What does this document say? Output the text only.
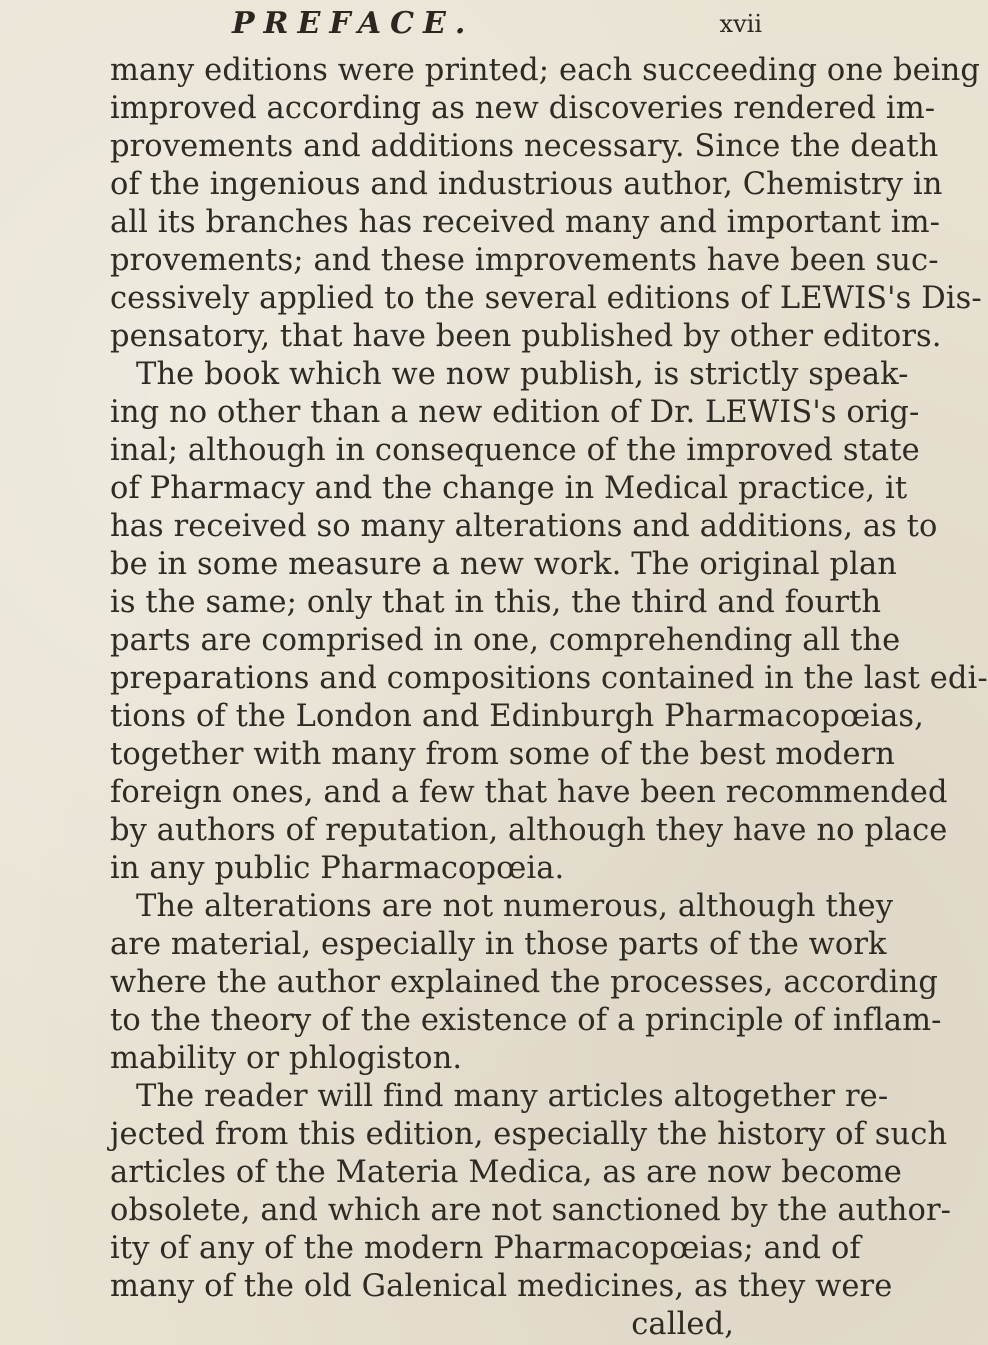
PREFACE.	xvii
many editions were printed; each succeeding one being
improved according as new discoveries rendered im-
provements and additions necessary. Since the death
of the ingenious and industrious author, Chemistry in
all its branches has received many and important im-
provements; and these improvements have been suc-
cessively applied to the several editions of LEWIS's Dis-
pensatory, that have been published by other editors.
The book which we now publish, is strictly speak-
ing no other than a new edition of Dr. LEWIS's orig-
inal; although in consequence of the improved state
of Pharmacy and the change in Medical practice, it
has received so many alterations and additions, as to
be in some measure a new work. The original plan
is the same; only that in this, the third and fourth
parts are comprised in one, comprehending all the
preparations and compositions contained in the last edi-
tions of the London and Edinburgh Pharmacopœias,
together with many from some of the best modern
foreign ones, and a few that have been recommended
by authors of reputation, although they have no place
in any public Pharmacopœia.
The alterations are not numerous, although they
are material, especially in those parts of the work
where the author explained the processes, according
to the theory of the existence of a principle of inflam-
mability or phlogiston.
The reader will find many articles altogether re-
jected from this edition, especially the history of such
articles of the Materia Medica, as are now become
obsolete, and which are not sanctioned by the author-
ity of any of the modern Pharmacopœias; and of
many of the old Galenical medicines, as they were
called,
